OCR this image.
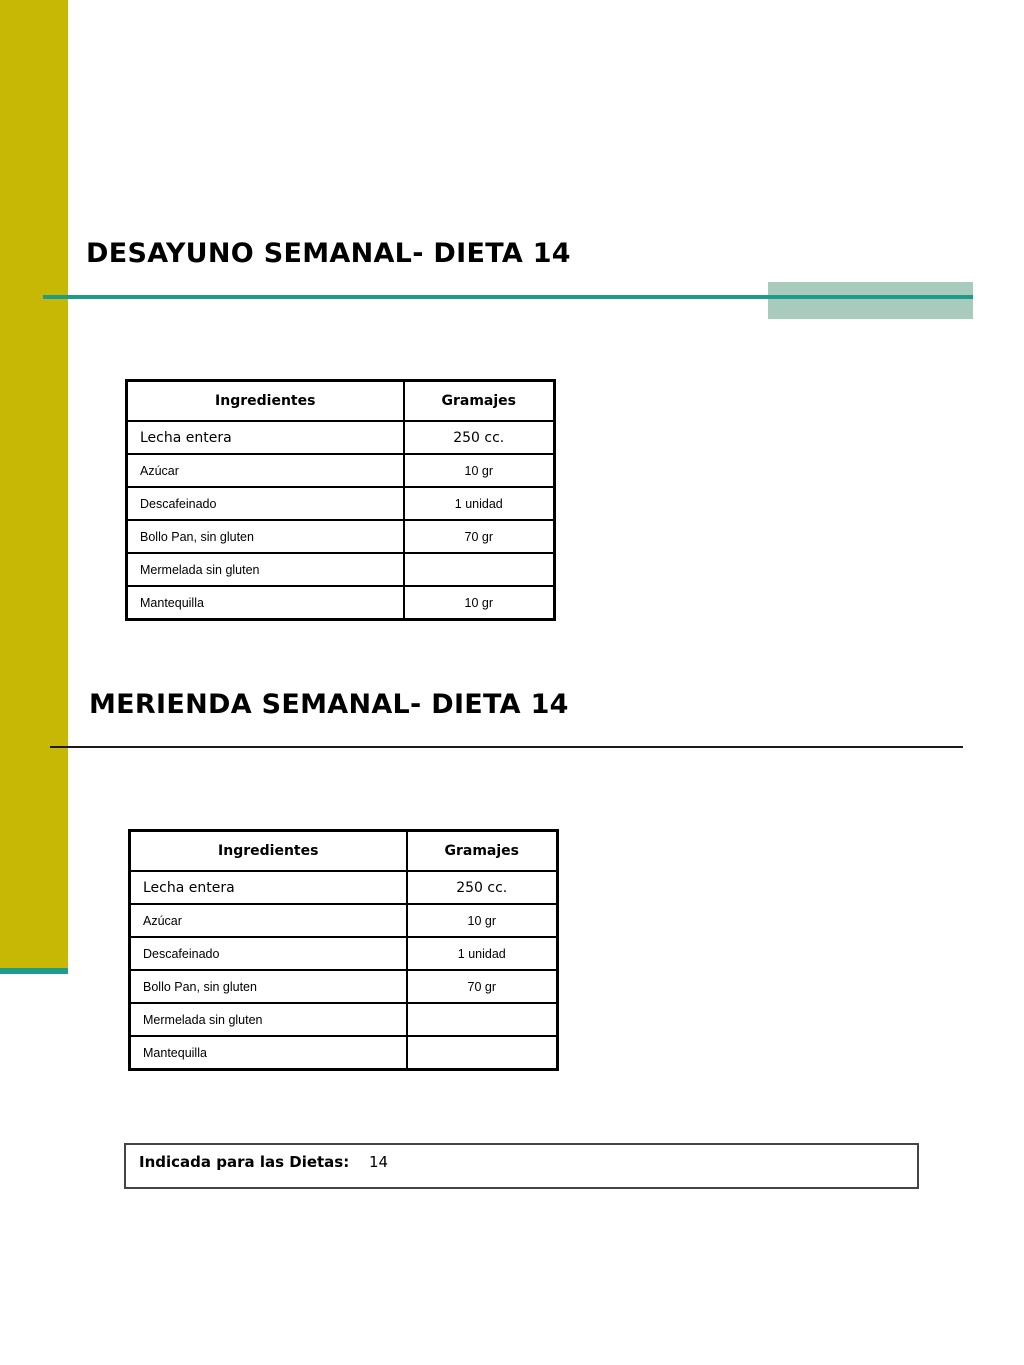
DESAYUNO SEMANAL- DIETA 14
Ingredientes	Gramajes
Lecha entera	250 cc.
Azúcar	10 gr
Descafeinado	1 unidad
Bollo Pan, sin gluten	70 gr
Mermelada sin gluten	
Mantequilla	10 gr
MERIENDA SEMANAL- DIETA 14
Ingredientes	Gramajes
Lecha entera	250 cc.
Azúcar	10 gr
Descafeinado	1 unidad
Bollo Pan, sin gluten	70 gr
Mermelada sin gluten	
Mantequilla	
Indicada para las Dietas: 14
